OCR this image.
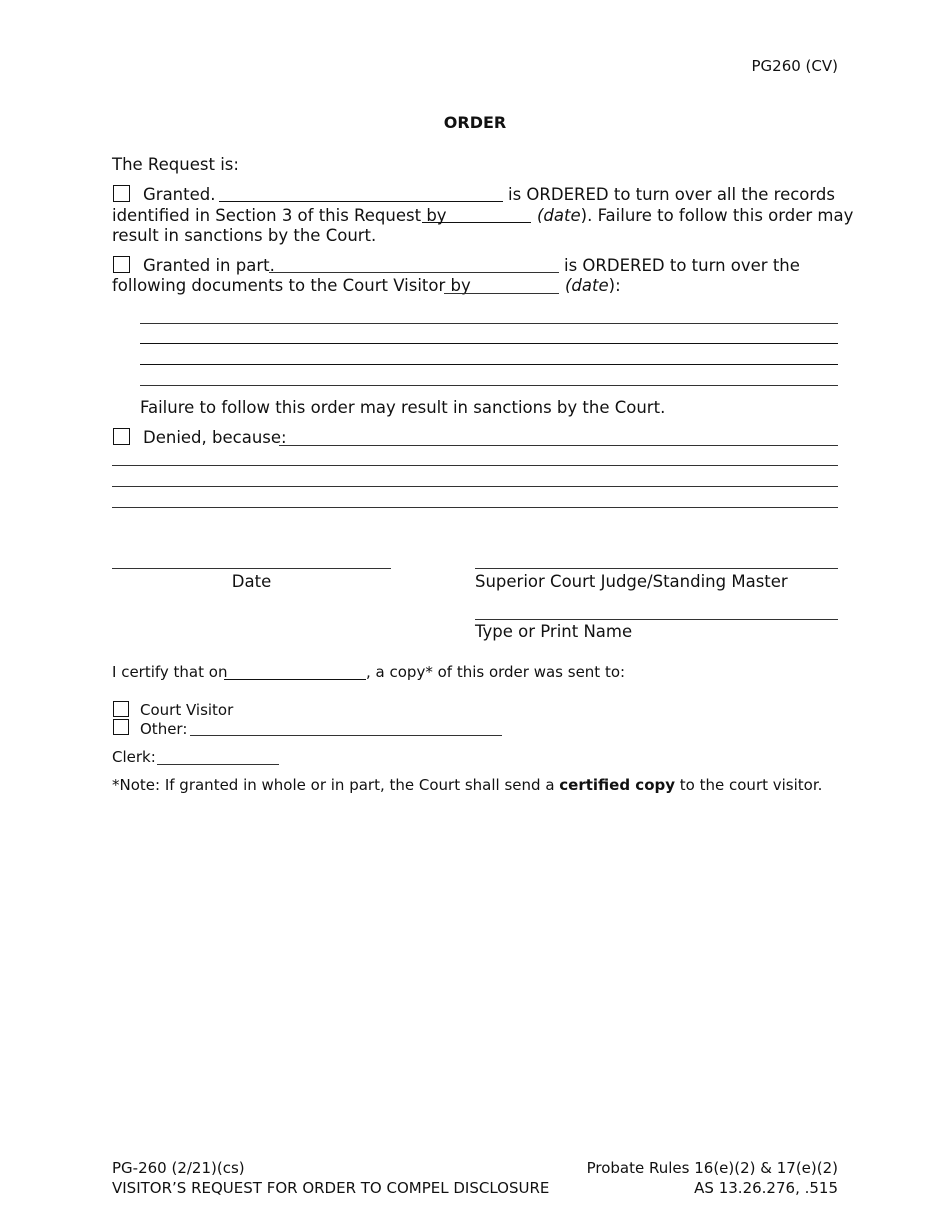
PG260 (CV)
ORDER
The Request is:
Granted.	is ORDERED to turn over all the records
identified in Section 3 of this Request by	(date). Failure to follow this order may
result in sanctions by the Court.
Granted in part.	is ORDERED to turn over the
following documents to the Court Visitor by	(date):
Failure to follow this order may result in sanctions by the Court.
Denied, because:
Date	Superior Court Judge/Standing Master
Type or Print Name
I certify that on	, a copy* of this order was sent to:
Court Visitor
Other:
Clerk:
*Note: If granted in whole or in part, the Court shall send a certified copy to the court visitor.
PG-260 (2/21)(cs)
VISITOR’S REQUEST FOR ORDER TO COMPEL DISCLOSURE
Probate Rules 16(e)(2) & 17(e)(2)
AS 13.26.276, .515
